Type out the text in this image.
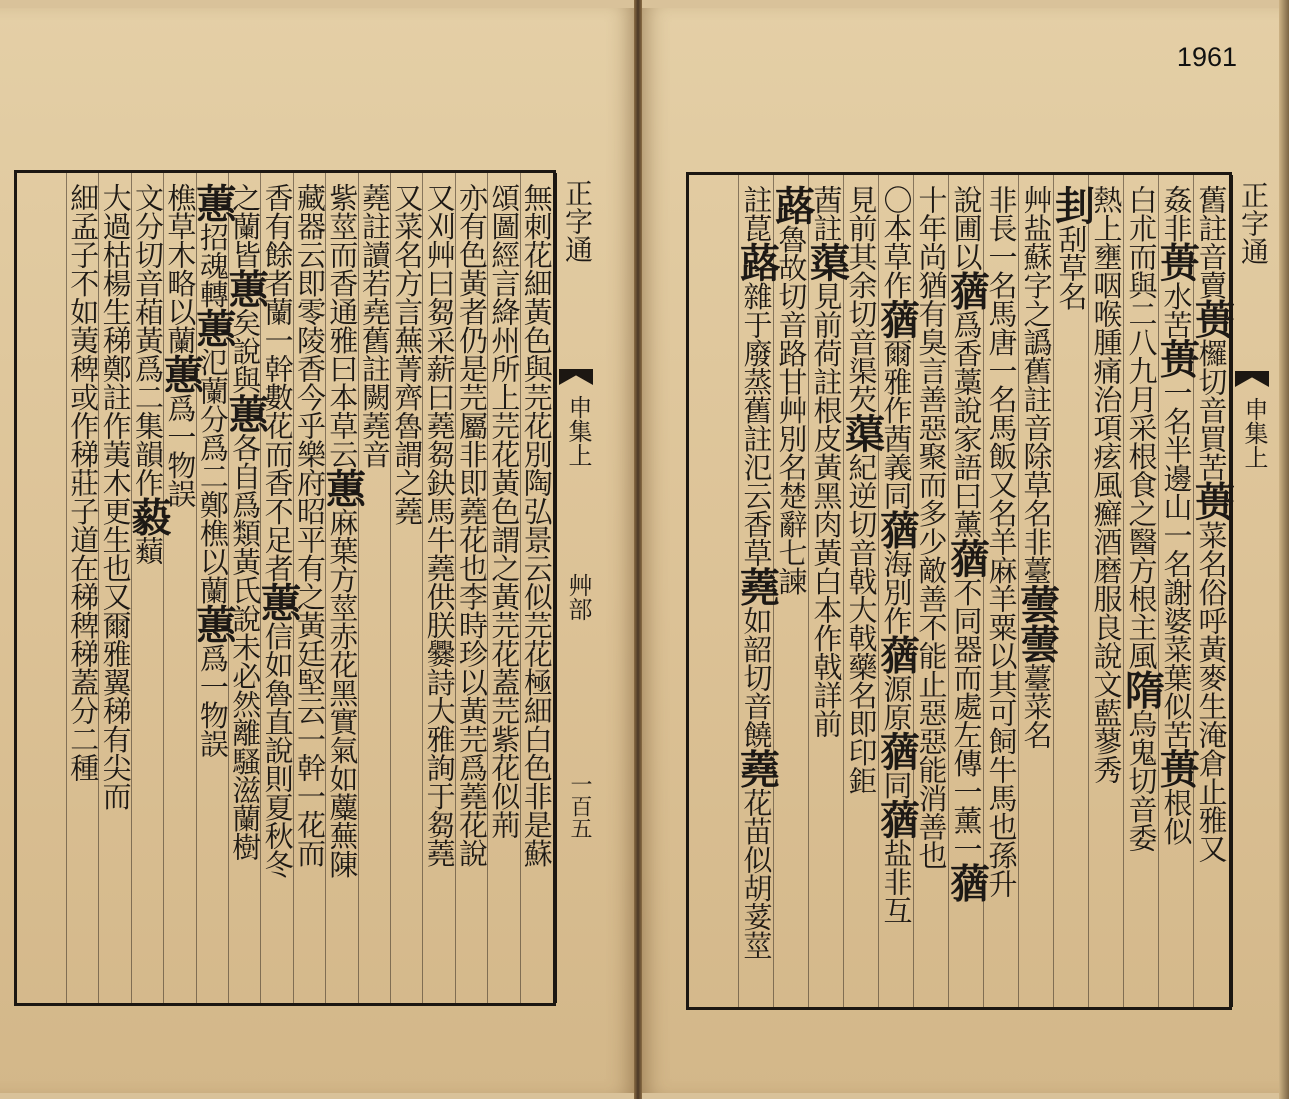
1961
無刺花細黃色與芫花別陶弘景云似芫花極細白色非是蘇
頌圖經言絳州所上芫花黃色謂之黃芫花蓋芫紫花似荊
亦有色黃者仍是芫屬非即蕘花也李時珍以黃芫爲蕘花說
又刈艸曰芻采薪曰蕘芻鈌馬牛蕘供朕爨詩大雅詢于芻蕘
又菜名方言蕪菁齊魯謂之蕘
蕘註讀若堯舊註闕蕘音
紫莖而香通雅曰本草云蕙麻葉方莖赤花黑實氣如蘪蕪陳
藏器云即零陵香今乎樂府昭平有之黃廷堅云一幹一花而
香有餘者蘭一幹數花而香不足者蕙信如魯直說則夏秋冬
之蘭皆蕙矣說與蕙各自爲類黃氏說未必然離騷滋蘭樹
蕙招魂轉蕙氾蘭分爲二鄭樵以蘭蕙爲一物誤
樵草木略以蘭蕙爲一物誤
文分切音葙黃爲二集韻作藙蘱
大過枯楊生稊鄭註作荑木更生也又爾雅翼稊有尖而
細孟子不如荑稗或作稊莊子道在稊稗稊蓋分二種
正字通
申集上
艸部
一百五
舊註音賣蒉欏切音買苦蒉菜名俗呼黃麥生淹倉止雅又
姦非蒉水苦蒉一名半邊山一名謝婆菜葉似苦蒉根似
白朮而與二八九月采根食之醫方根主風隋烏鬼切音委
熱上壅咽喉腫痛治項痃風癬酒磨服良說文藍蓼秀
刲刮草名
艸盐蘇字之譌舊註音除草名非薹蕓蕓薹菜名
非長一名馬唐一名馬飯又名羊麻羊粟以其可飼牛馬也孫升
說圃以蕕爲香藁說家語曰薰蕕不同器而處左傳一薰一蕕
十年尚猶有臭言善惡聚而多少敵善不能止惡惡能消善也
〇本草作蕕爾雅作莤義同蕕海別作蕕源原蕕同蕕盐非互
見前其余切音渠芡蕖紀逆切音戟大戟藥名即印鉅
莤註蕖見前荷註根皮黃黑肉黃白本作戟詳前
蕗魯故切音路甘艸別名楚辭七諫
註菎蕗雜于廢蒸舊註氾云香草蕘如韶切音饒蕘花苗似胡荽莖
正字通
申集上
